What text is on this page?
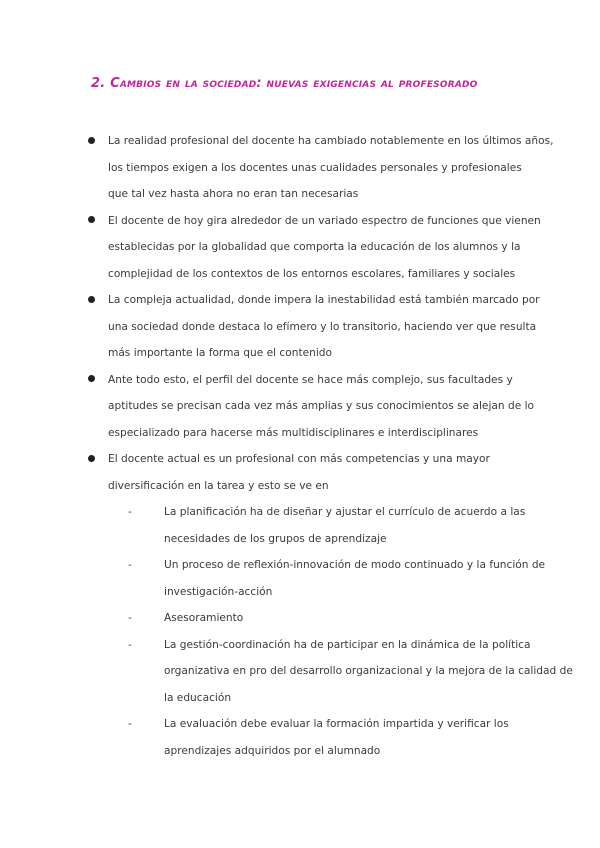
2. Cambios en la sociedad: nuevas exigencias al profesorado
La realidad profesional del docente ha cambiado notablemente en los últimos años,
los tiempos exigen a los docentes unas cualidades personales y profesionales
que tal vez hasta ahora no eran tan necesarias
El docente de hoy gira alrededor de un variado espectro de funciones que vienen
establecidas por la globalidad que comporta la educación de los alumnos y la
complejidad de los contextos de los entornos escolares, familiares y sociales
La compleja actualidad, donde impera la inestabilidad está también marcado por
una sociedad donde destaca lo efímero y lo transitorio, haciendo ver que resulta
más importante la forma que el contenido
Ante todo esto, el perfil del docente se hace más complejo, sus facultades y
aptitudes se precisan cada vez más amplias y sus conocimientos se alejan de lo
especializado para hacerse más multidisciplinares e interdisciplinares
El docente actual es un profesional con más competencias y una mayor
diversificación en la tarea y esto se ve en
-	La planificación ha de diseñar y ajustar el currículo de acuerdo a las
necesidades de los grupos de aprendizaje
-	Un proceso de reflexión-innovación de modo continuado y la función de
investigación-acción
-	Asesoramiento
-	La gestión-coordinación ha de participar en la dinámica de la política
organizativa en pro del desarrollo organizacional y la mejora de la calidad de
la educación
-	La evaluación debe evaluar la formación impartida y verificar los
aprendizajes adquiridos por el alumnado
